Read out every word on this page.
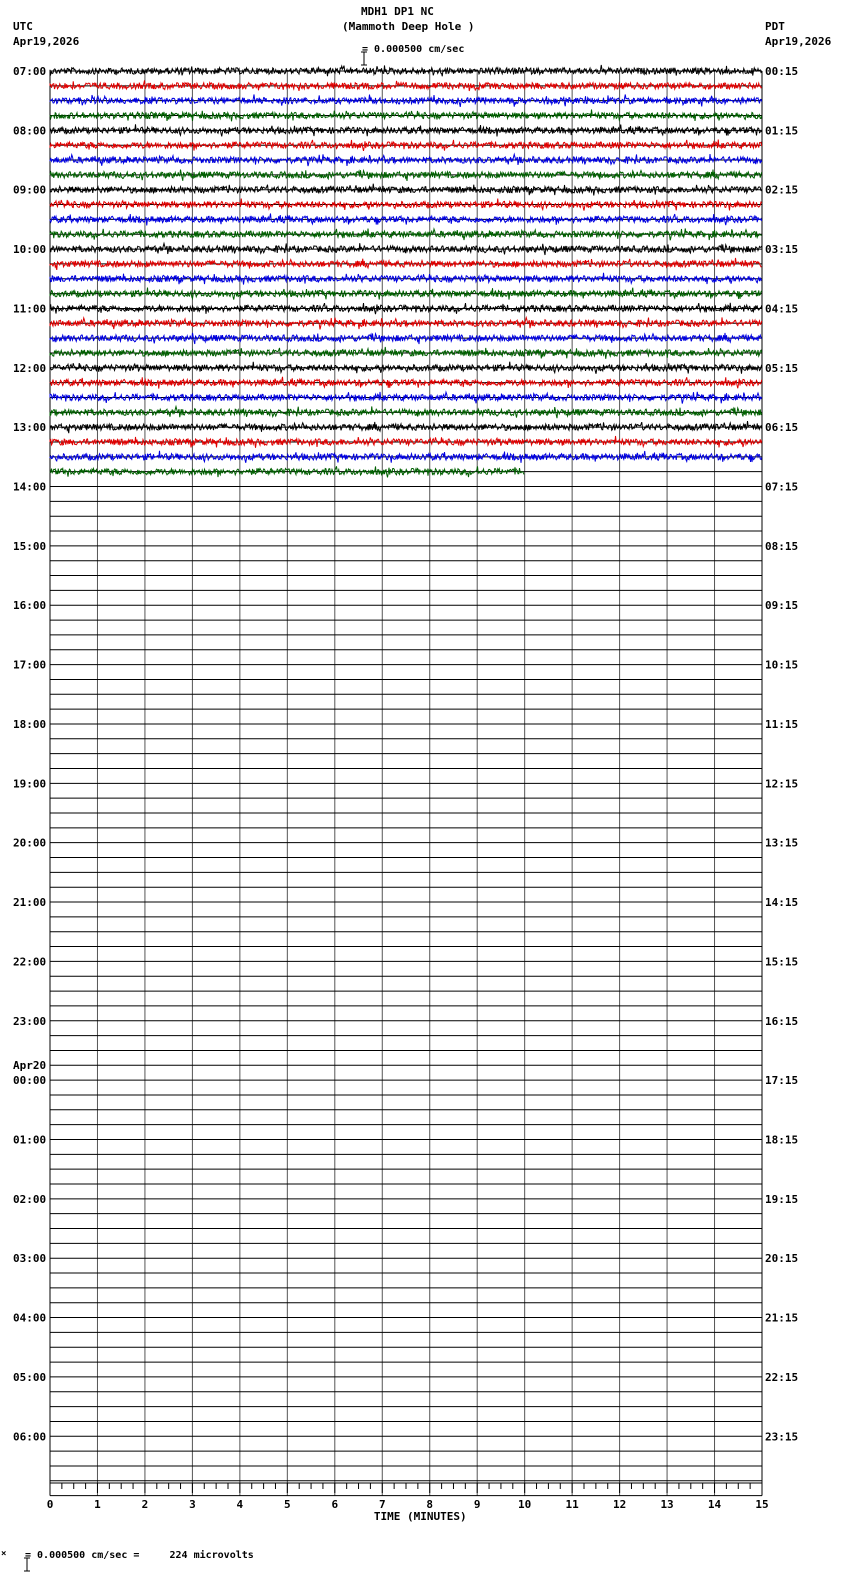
MDH1 DP1 NC
(Mammoth Deep Hole )
UTC
Apr19,2026
PDT
Apr19,2026

= 0.000500 cm/sec
07:00
08:00
09:00
10:00
11:00
12:00
13:00
14:00
15:00
16:00
17:00
18:00
19:00
20:00
21:00
22:00
23:00
Apr20
00:00
01:00
02:00
03:00
04:00
05:00
06:00
00:15
01:15
02:15
03:15
04:15
05:15
06:15
07:15
08:15
09:15
10:15
11:15
12:15
13:15
14:15
15:15
16:15
17:15
18:15
19:15
20:15
21:15
22:15
23:15
0	1	2	3	4	5	6	7	8	9	10	11	12	13	14	15
TIME (MINUTES)
×

= 0.000500 cm/sec =     224 microvolts
